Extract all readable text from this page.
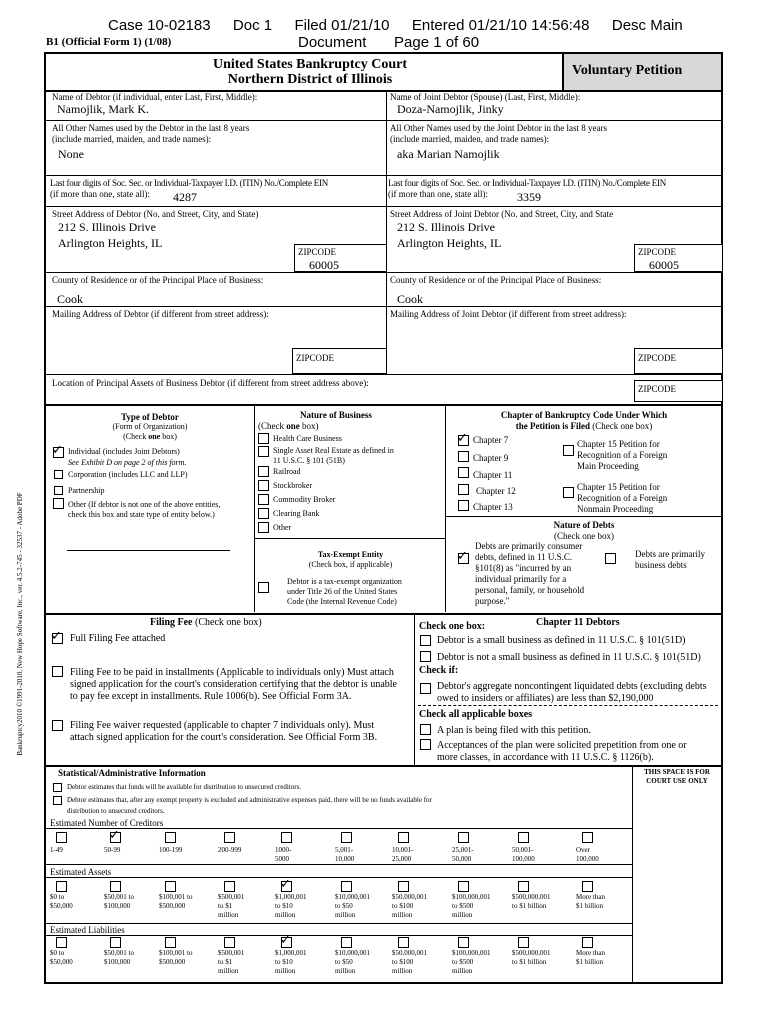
Case 10-02183 Doc 1 Filed 01/21/10 Entered 01/21/10 14:56:48 Desc Main
B1 (Official Form 1) (1/08)	Document Page 1 of 60
Bankruptcy2010 ©1991-2010, New Hope Software, Inc., ver. 4.5.2-745 - 32537 - Adobe PDF
United States Bankruptcy Court
Northern District of Illinois
Voluntary Petition
Name of Debtor (if individual, enter Last, First, Middle):
Namojlik, Mark K.
Name of Joint Debtor (Spouse) (Last, First, Middle):
Doza-Namojlik, Jinky
All Other Names used by the Debtor in the last 8 years
(include married, maiden, and trade names):
None
All Other Names used by the Joint Debtor in the last 8 years
(include married, maiden, and trade names):
aka Marian Namojlik
Last four digits of Soc. Sec. or Individual-Taxpayer I.D. (ITIN) No./Complete EIN
(if more than one, state all):	4287
Last four digits of Soc. Sec. or Individual-Taxpayer I.D. (ITIN) No./Complete EIN
(if more than one, state all):	3359
Street Address of Debtor (No. and Street, City, and State)
212 S. Illinois Drive
Arlington Heights, IL
ZIPCODE
60005
Street Address of Joint Debtor (No. and Street, City, and State
212 S. Illinois Drive
Arlington Heights, IL
ZIPCODE
60005
County of Residence or of the Principal Place of Business:
Cook
County of Residence or of the Principal Place of Business:
Cook
Mailing Address of Debtor (if different from street address):
ZIPCODE
Mailing Address of Joint Debtor (if different from street address):
ZIPCODE
Location of Principal Assets of Business Debtor (if different from street address above):
ZIPCODE
Type of Debtor
(Form of Organization)
(Check one box)
✓ Individual (includes Joint Debtors)
See Exhibit D on page 2 of this form.
Corporation (includes LLC and LLP)
Partnership
Other (If debtor is not one of the above entities,
check this box and state type of entity below.)
Nature of Business
(Check one box)
Health Care Business
Single Asset Real Estate as defined in
11 U.S.C. § 101 (51B)
Railroad
Stockbroker
Commodity Broker
Clearing Bank
Other
Tax-Exempt Entity
(Check box, if applicable)
Debtor is a tax-exempt organization
under Title 26 of the United States
Code (the Internal Revenue Code)
Chapter of Bankruptcy Code Under Which
the Petition is Filed (Check one box)
✓ Chapter 7
Chapter 9
Chapter 11
Chapter 12
Chapter 13
Chapter 15 Petition for
Recognition of a Foreign
Main Proceeding
Chapter 15 Petition for
Recognition of a Foreign
Nonmain Proceeding
Nature of Debts
(Check one box)
✓
Debts are primarily consumer
debts, defined in 11 U.S.C.
§101(8) as "incurred by an
individual primarily for a
personal, family, or household
purpose."
Debts are primarily
business debts
Filing Fee (Check one box)
✓ Full Filing Fee attached
Filing Fee to be paid in installments (Applicable to individuals only) Must attach
signed application for the court's consideration certifying that the debtor is unable
to pay fee except in installments. Rule 1006(b). See Official Form 3A.
Filing Fee waiver requested (applicable to chapter 7 individuals only). Must
attach signed application for the court's consideration. See Official Form 3B.
Check one box:	Chapter 11 Debtors
Debtor is a small business as defined in 11 U.S.C. § 101(51D)
Debtor is not a small business as defined in 11 U.S.C. § 101(51D)
Check if:
Debtor's aggregate noncontingent liquidated debts (excluding debts
owed to insiders or affiliates) are less than $2,190,000
Check all applicable boxes
A plan is being filed with this petition.
Acceptances of the plan were solicited prepetition from one or
more classes, in accordance with 11 U.S.C. § 1126(b).
Statistical/Administrative Information	THIS SPACE IS FOR
COURT USE ONLY
Debtor estimates that funds will be available for distribution to unsecured creditors.
Debtor estimates that, after any exempt property is excluded and administrative expenses paid, there will be no funds available for
distribution to unsecured creditors.
Estimated Number of Creditors
1-49
✓
50-99	100-199	200-999	1000-
5000
5,001-
10,000
10,001-
25,000
25,001-
50,000
50,001-
100,000
Over
100,000
Estimated Assets
$0 to
$50,000
$50,001 to
$100,000
$100,001 to
$500,000
$500,001
to $1
million
✓
$1,000,001
to $10
million
$10,000,001
to $50
million
$50,000,001
to $100
million
$100,000,001
to $500
million
$500,000,001
to $1 billion
More than
$1 billion
Estimated Liabilities
$0 to
$50,000
$50,001 to
$100,000
$100,001 to
$500,000
$500,001
to $1
million
✓
$1,000,001
to $10
million
$10,000,001
to $50
million
$50,000,001
to $100
million
$100,000,001
to $500
million
$500,000,001
to $1 billion
More than
$1 billion
